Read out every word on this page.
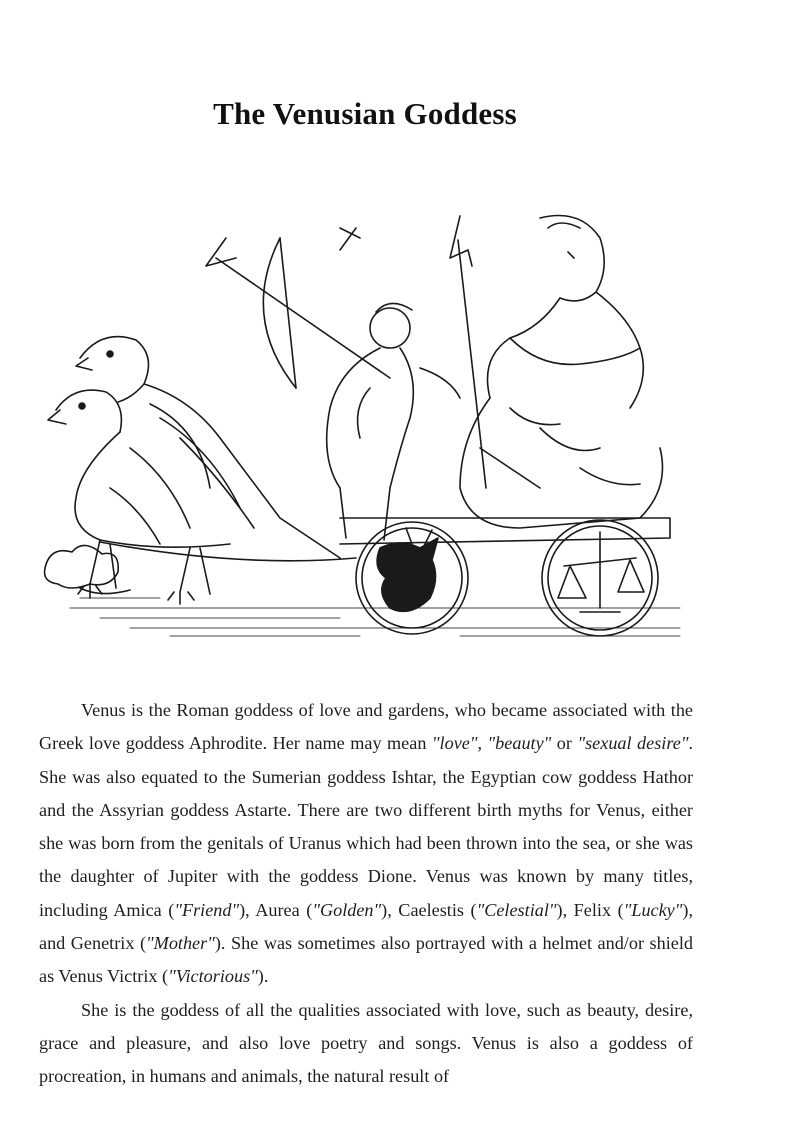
The Venusian Goddess

Venus is the Roman goddess of love and gardens, who became associated with the Greek love goddess Aphrodite. Her name may mean "love", "beauty" or "sexual desire". She was also equated to the Sumerian goddess Ishtar, the Egyptian cow goddess Hathor and the Assyrian goddess Astarte. There are two different birth myths for Venus, either she was born from the genitals of Uranus which had been thrown into the sea, or she was the daughter of Jupiter with the goddess Dione. Venus was known by many titles, including Amica ("Friend"), Aurea ("Golden"), Caelestis ("Celestial"), Felix ("Lucky"), and Genetrix ("Mother"). She was sometimes also portrayed with a helmet and/or shield as Venus Victrix ("Victorious").

She is the goddess of all the qualities associated with love, such as beauty, desire, grace and pleasure, and also love poetry and songs. Venus is also a goddess of procreation, in humans and animals, the natural result of
